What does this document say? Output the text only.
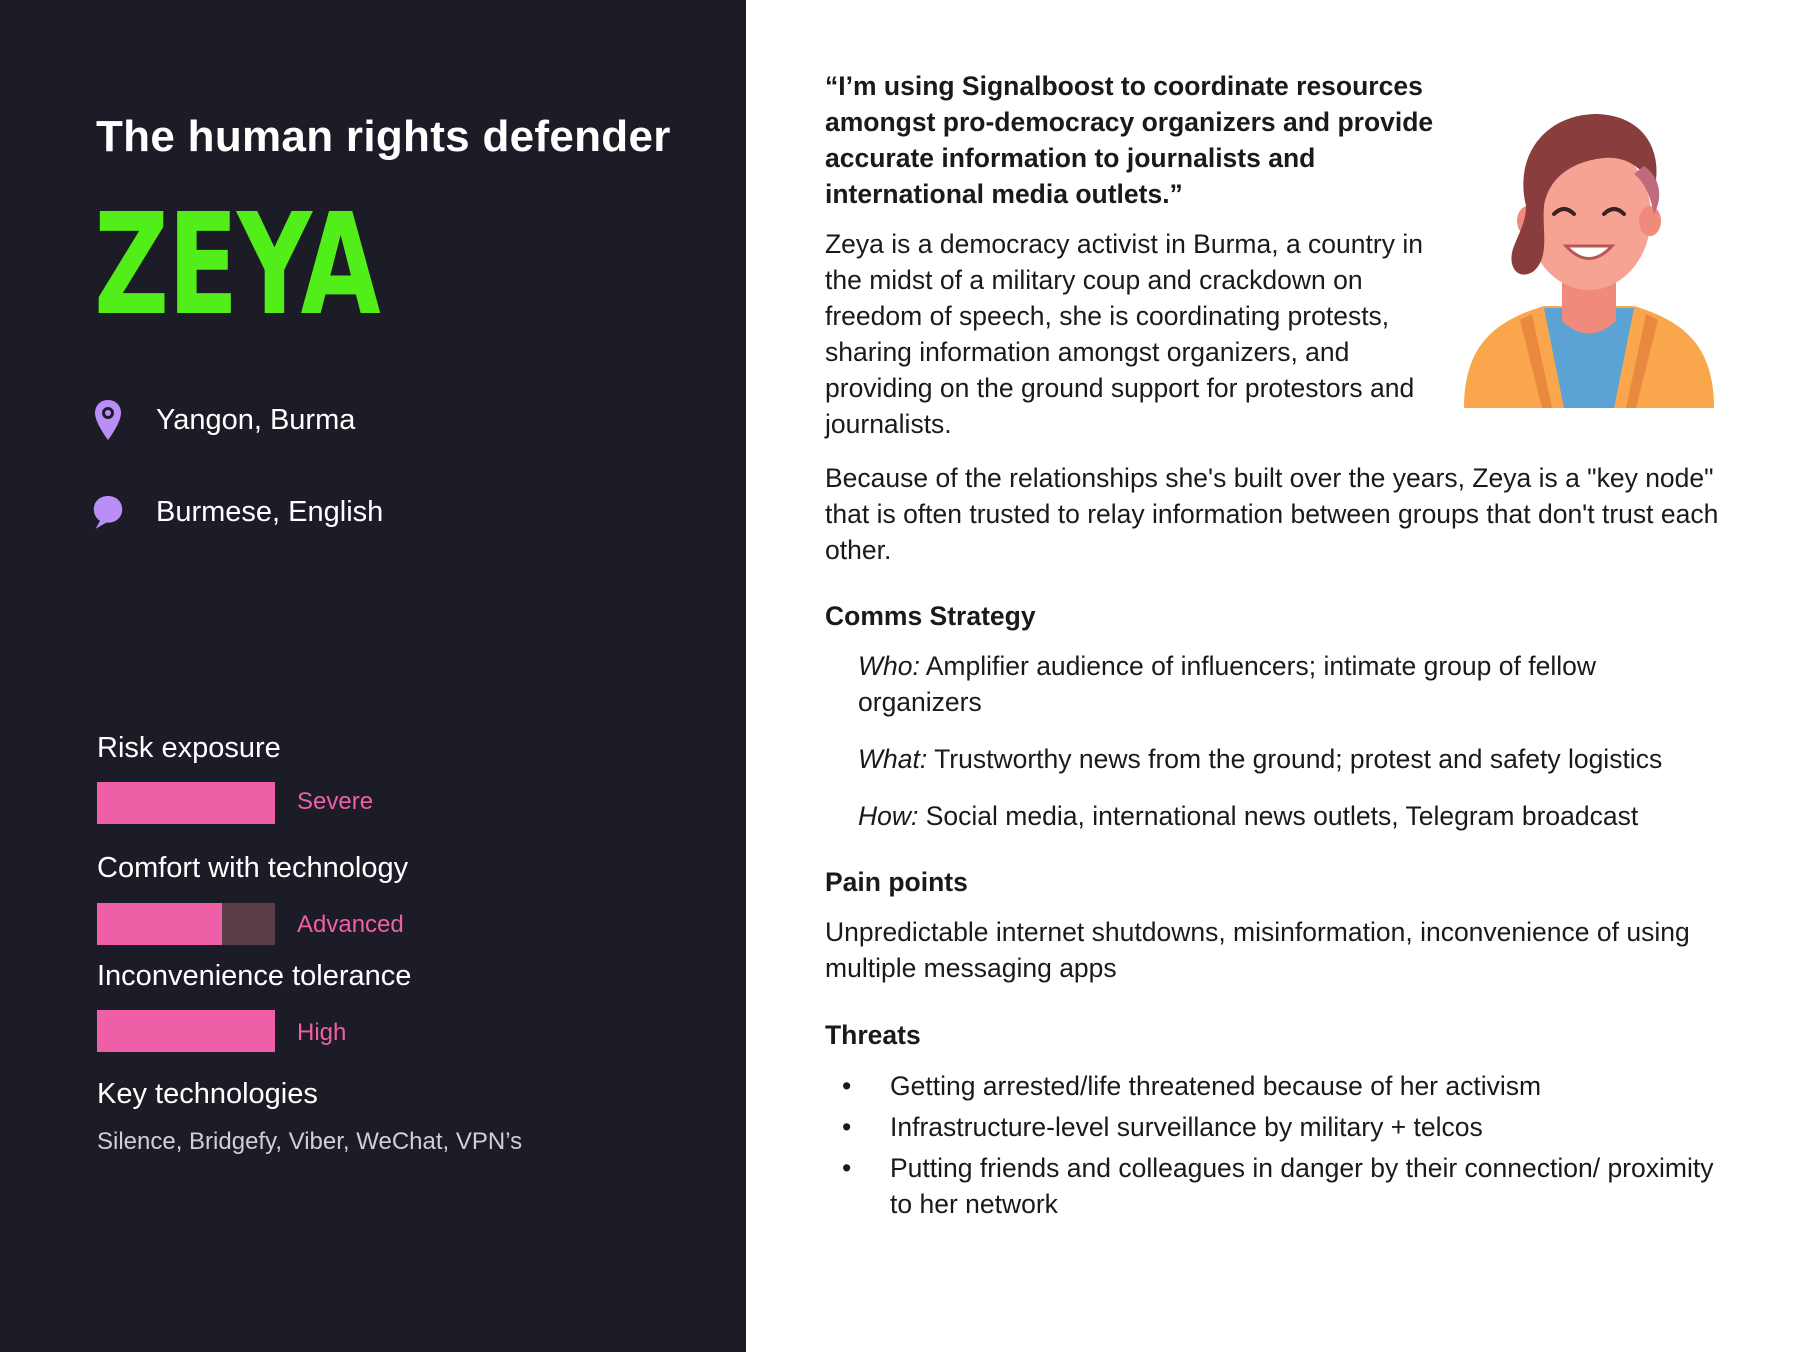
The human rights defender
ZEYA
Yangon, Burma
Burmese, English
Risk exposure
Severe
Comfort with technology
Advanced
Inconvenience tolerance
High
Key technologies
Silence, Bridgefy, Viber, WeChat, VPN’s
“I’m using Signalboost to coordinate resources amongst pro-democracy organizers and provide accurate information to journalists and international media outlets.”
Zeya is a democracy activist in Burma, a country in the midst of a military coup and crackdown on freedom of speech, she is coordinating protests, sharing information amongst organizers, and providing on the ground support for protestors and journalists.
Because of the relationships she's built over the years, Zeya is a "key node" that is often trusted to relay information between groups that don't trust each other.
Comms Strategy
Who: Amplifier audience of influencers; intimate group of fellow organizers
What: Trustworthy news from the ground; protest and safety logistics
How: Social media, international news outlets, Telegram broadcast
Pain points
Unpredictable internet shutdowns, misinformation, inconvenience of using multiple messaging apps
Threats
• Getting arrested/life threatened because of her activism
• Infrastructure-level surveillance by military + telcos
• Putting friends and colleagues in danger by their connection/ proximity to her network
